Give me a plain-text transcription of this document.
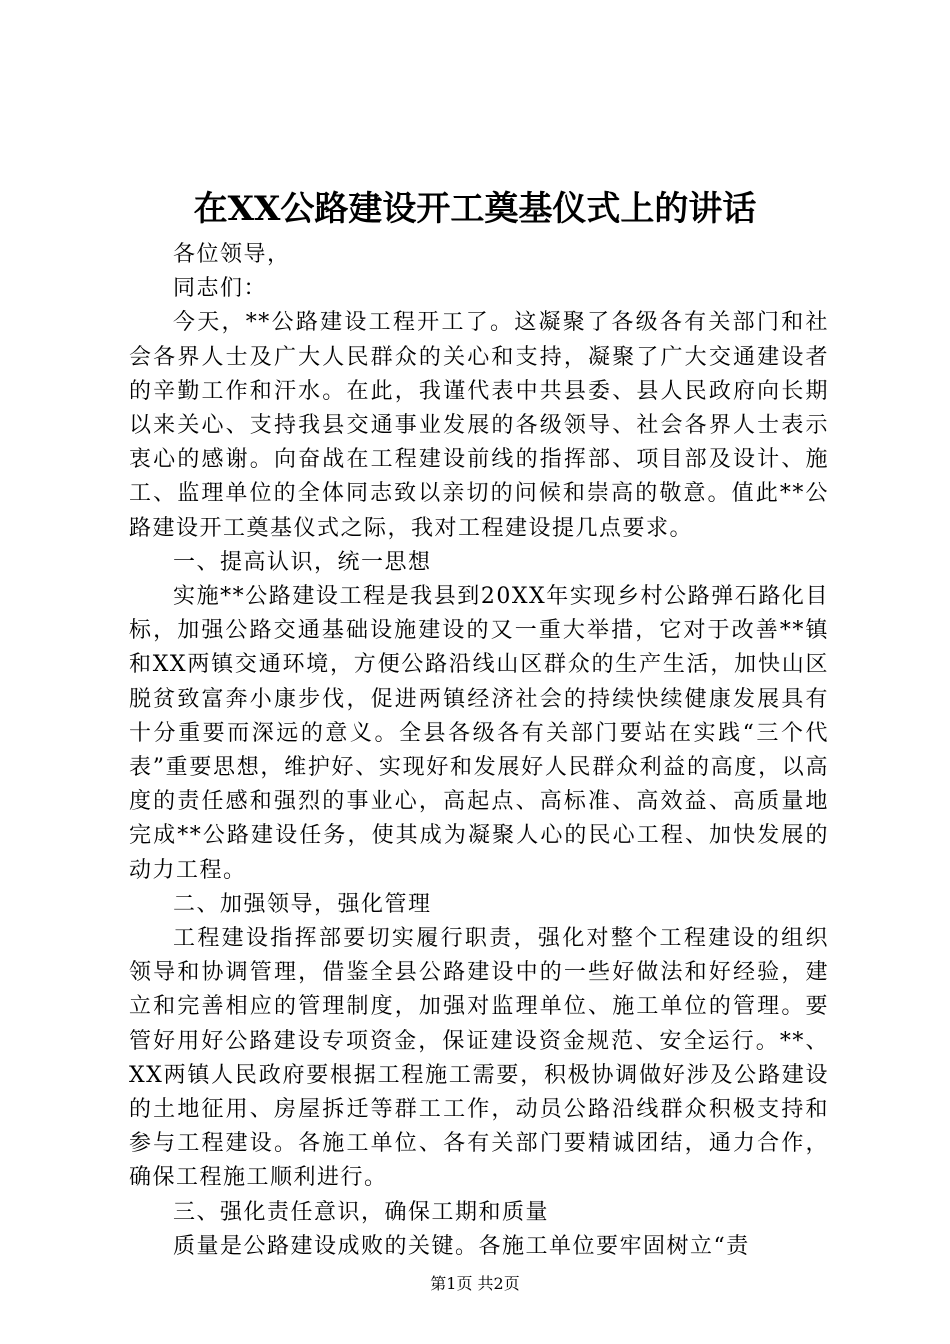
在XX公路建设开工奠基仪式上的讲话

各位领导，

同志们：

今天，**公路建设工程开工了。这凝聚了各级各有关部门和社会各界人士及广大人民群众的关心和支持，凝聚了广大交通建设者的辛勤工作和汗水。在此，我谨代表中共县委、县人民政府向长期以来关心、支持我县交通事业发展的各级领导、社会各界人士表示衷心的感谢。向奋战在工程建设前线的指挥部、项目部及设计、施工、监理单位的全体同志致以亲切的问候和崇高的敬意。值此**公路建设开工奠基仪式之际，我对工程建设提几点要求。

一、提高认识，统一思想

实施**公路建设工程是我县到20XX年实现乡村公路弹石路化目标，加强公路交通基础设施建设的又一重大举措，它对于改善**镇和XX两镇交通环境，方便公路沿线山区群众的生产生活，加快山区脱贫致富奔小康步伐，促进两镇经济社会的持续快续健康发展具有十分重要而深远的意义。全县各级各有关部门要站在实践“三个代表”重要思想，维护好、实现好和发展好人民群众利益的高度，以高度的责任感和强烈的事业心，高起点、高标准、高效益、高质量地完成**公路建设任务，使其成为凝聚人心的民心工程、加快发展的动力工程。

二、加强领导，强化管理

工程建设指挥部要切实履行职责，强化对整个工程建设的组织领导和协调管理，借鉴全县公路建设中的一些好做法和好经验，建立和完善相应的管理制度，加强对监理单位、施工单位的管理。要管好用好公路建设专项资金，保证建设资金规范、安全运行。**、XX两镇人民政府要根据工程施工需要，积极协调做好涉及公路建设的土地征用、房屋拆迁等群工工作，动员公路沿线群众积极支持和参与工程建设。各施工单位、各有关部门要精诚团结，通力合作，确保工程施工顺利进行。

三、强化责任意识，确保工期和质量

质量是公路建设成败的关键。各施工单位要牢固树立“责

第1页 共2页
